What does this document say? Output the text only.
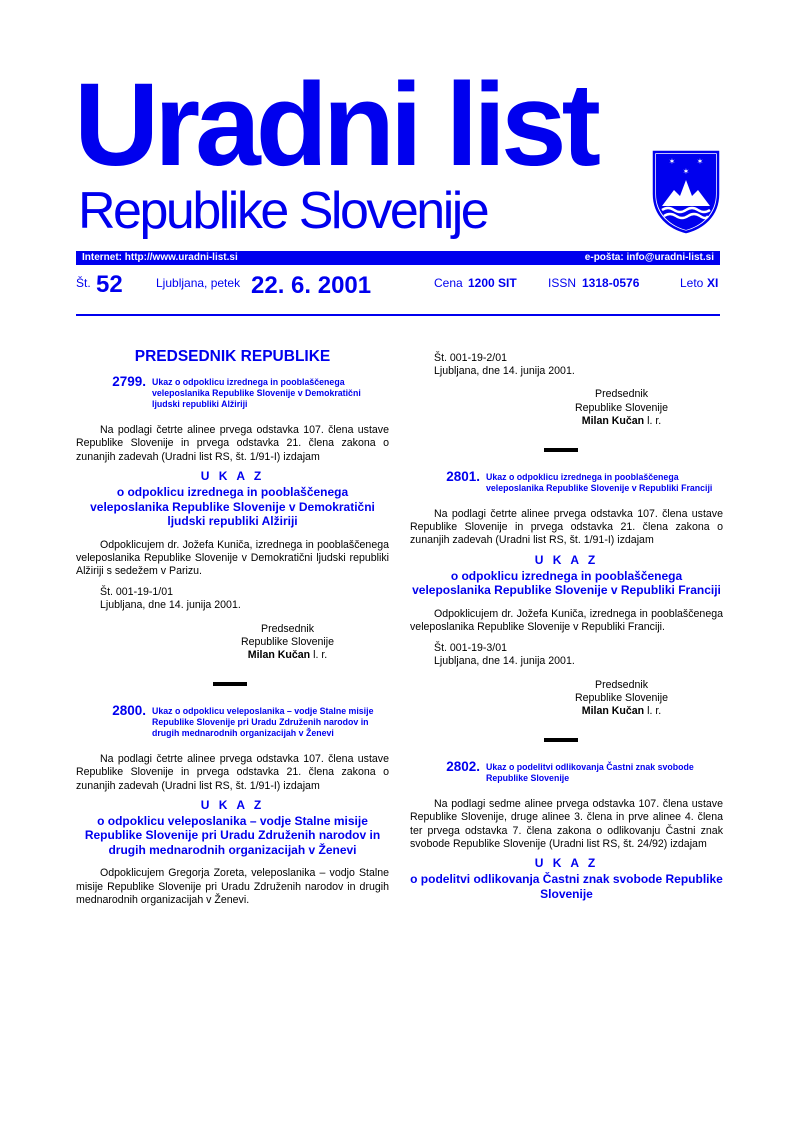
Uradni list
Republike Slovenije
✶	✶
✶
Internet: http://www.uradni-list.si	e-pošta: info@uradni-list.si
Št. 52	Ljubljana, petek 22. 6. 2001	Cena 1200 SIT	ISSN 1318-0576	Leto XI
PREDSEDNIK REPUBLIKE
2799. Ukaz o odpoklicu izrednega in pooblaščenega veleposlanika Republike Slovenije v Demokratični ljudski republiki Alžiriji
Na podlagi četrte alinee prvega odstavka 107. člena ustave Republike Slovenije in prvega odstavka 21. člena zakona o zunanjih zadevah (Uradni list RS, št. 1/91-I) izdajam
U K A Z
o odpoklicu izrednega in pooblaščenega veleposlanika Republike Slovenije v Demokratični ljudski republiki Alžiriji
Odpoklicujem dr. Jožefa Kuniča, izrednega in pooblaščenega veleposlanika Republike Slovenije v Demokratični ljudski republiki Alžiriji s sedežem v Parizu.
Št. 001-19-1/01
Ljubljana, dne 14. junija 2001.
Predsednik
Republike Slovenije
Milan Kučan l. r.
2800. Ukaz o odpoklicu veleposlanika – vodje Stalne misije Republike Slovenije pri Uradu Združenih narodov in drugih mednarodnih organizacijah v Ženevi
Na podlagi četrte alinee prvega odstavka 107. člena ustave Republike Slovenije in prvega odstavka 21. člena zakona o zunanjih zadevah (Uradni list RS, št. 1/91-I) izdajam
U K A Z
o odpoklicu veleposlanika – vodje Stalne misije Republike Slovenije pri Uradu Združenih narodov in drugih mednarodnih organizacijah v Ženevi
Odpoklicujem Gregorja Zoreta, veleposlanika – vodjo Stalne misije Republike Slovenije pri Uradu Združenih narodov in drugih mednarodnih organizacijah v Ženevi.
Št. 001-19-2/01
Ljubljana, dne 14. junija 2001.
Predsednik
Republike Slovenije
Milan Kučan l. r.
2801. Ukaz o odpoklicu izrednega in pooblaščenega veleposlanika Republike Slovenije v Republiki Franciji
Na podlagi četrte alinee prvega odstavka 107. člena ustave Republike Slovenije in prvega odstavka 21. člena zakona o zunanjih zadevah (Uradni list RS, št. 1/91-I) izdajam
U K A Z
o odpoklicu izrednega in pooblaščenega veleposlanika Republike Slovenije v Republiki Franciji
Odpoklicujem dr. Jožefa Kuniča, izrednega in pooblaščenega veleposlanika Republike Slovenije v Republiki Franciji.
Št. 001-19-3/01
Ljubljana, dne 14. junija 2001.
Predsednik
Republike Slovenije
Milan Kučan l. r.
2802. Ukaz o podelitvi odlikovanja Častni znak svobode Republike Slovenije
Na podlagi sedme alinee prvega odstavka 107. člena ustave Republike Slovenije, druge alinee 3. člena in prve alinee 4. člena ter prvega odstavka 7. člena zakona o odlikovanju Častni znak svobode Republike Slovenije (Uradni list RS, št. 24/92) izdajam
U K A Z
o podelitvi odlikovanja Častni znak svobode Republike Slovenije
